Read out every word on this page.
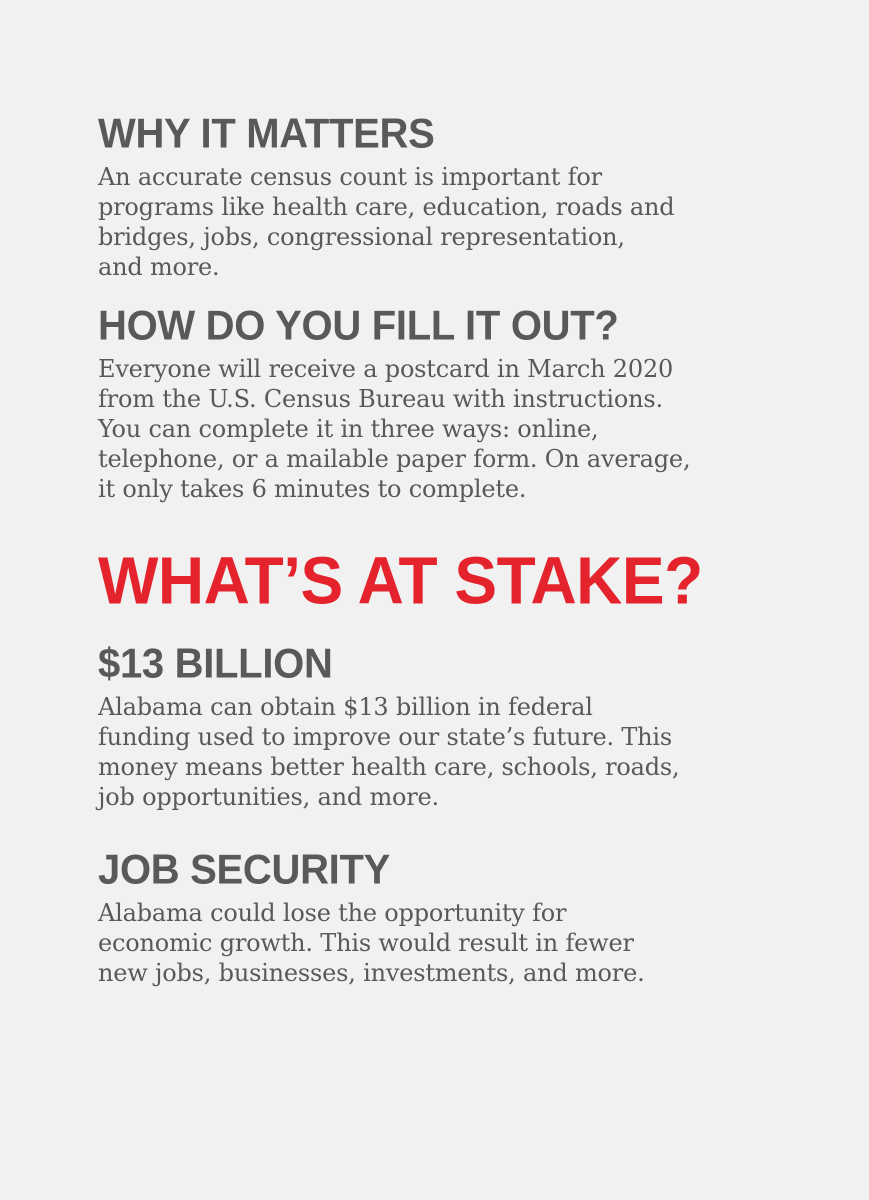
WHY IT MATTERS

An accurate census count is important for
programs like health care, education, roads and
bridges, jobs, congressional representation,
and more.

HOW DO YOU FILL IT OUT?

Everyone will receive a postcard in March 2020
from the U.S. Census Bureau with instructions.
You can complete it in three ways: online,
telephone, or a mailable paper form. On average,
it only takes 6 minutes to complete.

WHAT’S AT STAKE?
$13 BILLION

Alabama can obtain $13 billion in federal
funding used to improve our state’s future. This
money means better health care, schools, roads,
job opportunities, and more.

JOB SECURITY

Alabama could lose the opportunity for
economic growth. This would result in fewer
new jobs, businesses, investments, and more.
